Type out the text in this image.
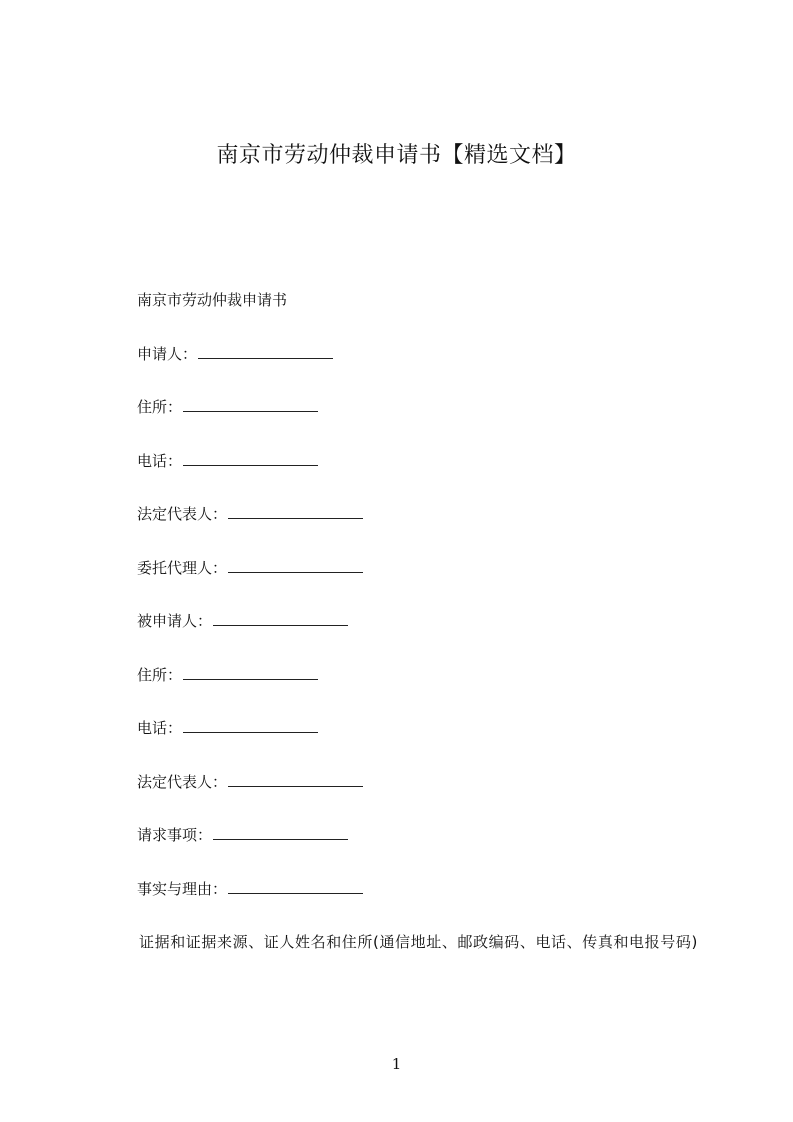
南京市劳动仲裁申请书【精选文档】
南京市劳动仲裁申请书
申请人：
住所：
电话：
法定代表人：
委托代理人：
被申请人：
住所：
电话：
法定代表人：
请求事项：
事实与理由：
证据和证据来源、证人姓名和住所(通信地址、邮政编码、电话、传真和电报号码)
1
